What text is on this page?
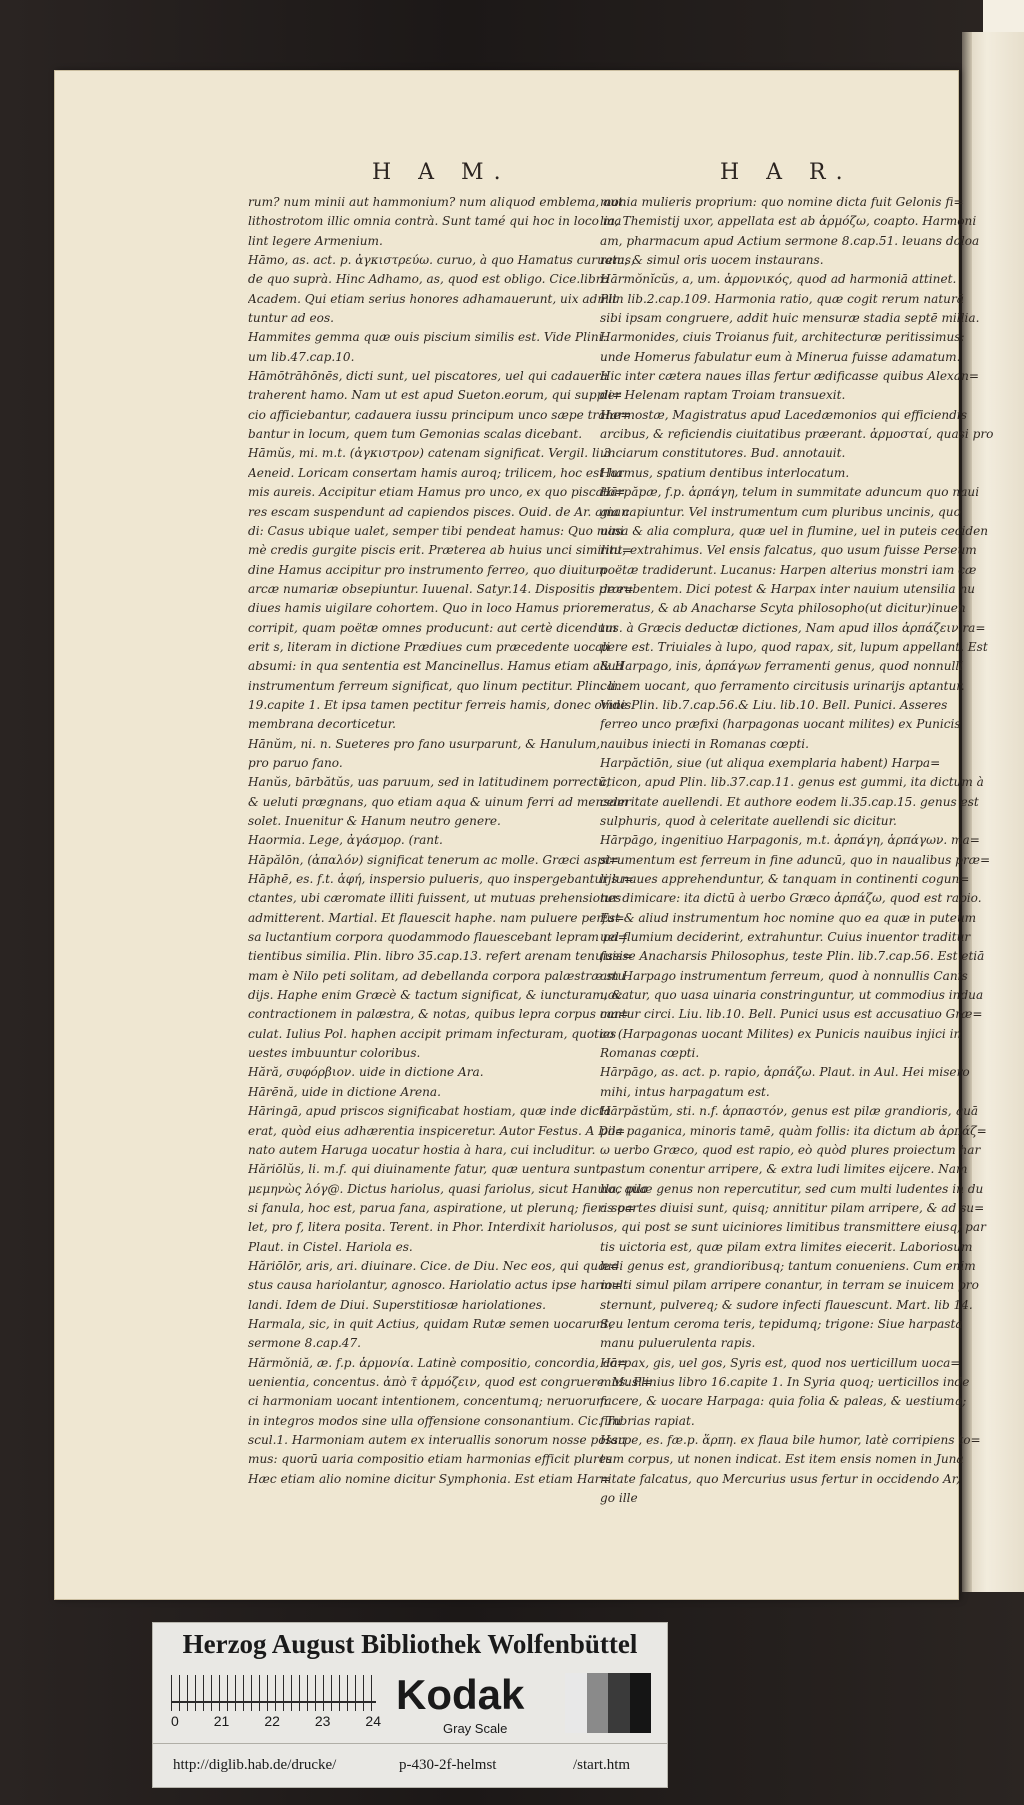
H A M.	H A R.
rum? num minii aut hammonium? num aliquod emblema, aut
lithostrotom illic omnia contrà. Sunt tamé qui hoc in loco ma
lint legere Armenium.
Hāmo, as. act. p. ἀγκιστρεύω. curuo, à quo Hamatus curuatus,
de quo suprà. Hinc Adhamo, as, quod est obligo. Cice.libro
Academ. Qui etiam serius honores adhamauerunt, uix admit
tuntur ad eos.
Hammites gemma quæ ouis piscium similis est. Vide Plini.
um lib.47.cap.10.
Hāmōtrāhōnēs, dicti sunt, uel piscatores, uel qui cadauera
traherent hamo. Nam ut est apud Sueton.eorum, qui suppli=
cio afficiebantur, cadauera iussu principum unco sæpe trahe=
bantur in locum, quem tum Gemonias scalas dicebant.
Hāmŭs, mi. m.t. (ἀγκιστρον) catenam significat. Vergil. li.3.
Aeneid. Loricam consertam hamis auroq; trilicem, hoc est ha
mis aureis. Accipitur etiam Hamus pro unco, ex quo piscato=
res escam suspendunt ad capiendos pisces. Ouid. de Ar. aman
di: Casus ubique ualet, semper tibi pendeat hamus: Quo mini
mè credis gurgite piscis erit. Præterea ab huius unci similitu=
dine Hamus accipitur pro instrumento ferreo, quo diuitum
arcæ numariæ obsepiuntur. Iuuenal. Satyr.14. Dispositis præ=
diues hamis uigilare cohortem. Quo in loco Hamus priorem
corripit, quam poëtæ omnes producunt: aut certè dicendum
erit s, literam in dictione Prædiues cum præcedente uocali
absumi: in qua sententia est Mancinellus. Hamus etiam aliud
instrumentum ferreum significat, quo linum pectitur. Plin. li.
19.capite 1. Et ipsa tamen pectitur ferreis hamis, donec omnis
membrana decorticetur.
Hānŭm, ni. n. Sueteres pro fano usurparunt, & Hanulum,
pro paruo fano.
Hanŭs, bārbătŭs, uas paruum, sed in latitudinem porrectū,
& ueluti prægnans, quo etiam aqua & uinum ferri ad mensam
solet. Inuenitur & Hanum neutro genere.
Haormia. Lege, ἀγάσμορ. (rant.
Hāpălōn, (ἁπαλόν) significat tenerum ac molle. Græci aspi=
Hāphē, es. f.t. ἁφή, inspersio pulueris, quo inspergebantur lu=
ctantes, ubi cæromate illiti fuissent, ut mutuas prehensiones
admitterent. Martial. Et flauescit haphe. nam puluere perfu=
sa luctantium corpora quodammodo flauescebant lepram pa=
tientibus similia. Plin. libro 35.cap.13. refert arenam tenuissi=
mam è Nilo peti solitam, ad debellanda corpora palæstræ stu
dijs. Haphe enim Græcè & tactum significat, & iuncturam, &
contractionem in palæstra, & notas, quibus lepra corpus ma=
culat. Iulius Pol. haphen accipit primam infecturam, quoties
uestes imbuuntur coloribus.
Hără, συφόρβιον. uide in dictione Ara.
Hārēnă, uide in dictione Arena.
Hāringā, apud priscos significabat hostiam, quæ inde dicta
erat, quòd eius adhærentia inspiceretur. Autor Festus. A Do=
nato autem Haruga uocatur hostia à hara, cui includitur.
Hăriōlŭs, li. m.f. qui diuinamente fatur, quæ uentura sunt,
μεμηνὼς λόγ@. Dictus hariolus, quasi fariolus, sicut Hanula, qua
si fanula, hoc est, parua fana, aspiratione, ut plerunq; fieri so=
let, pro f, litera posita. Terent. in Phor. Interdixit hariolus.
Plaut. in Cistel. Hariola es.
Hăriōlōr, aris, ari. diuinare. Cice. de Diu. Nec eos, qui quæ=
stus causa hariolantur, agnosco. Hariolatio actus ipse hario=
landi. Idem de Diui. Superstitiosæ hariolationes.
Harmala, sic, in quit Actius, quidam Rutæ semen uocarunt,
sermone 8.cap.47.
Hărmŏniă, æ. f.p. ἁρμονία. Latinè compositio, concordia, cō=
uenientia, concentus. ἀπὸ τ̄ ἁρμόζειν, quod est congruere. Musi=
ci harmoniam uocant intentionem, concentumq; neruorum
in integros modos sine ulla offensione consonantium. Cic. Tu
scul.1. Harmoniam autem ex interuallis sonorum nosse possu
mus: quorū uaria compositio etiam harmonias efficit plures.
Hæc etiam alio nomine dicitur Symphonia. Est etiam Har=
monia mulieris proprium: quo nomine dicta fuit Gelonis fi=
lia, Themistij uxor, appellata est ab ἁρμόζω, coapto. Harmoni
am, pharmacum apud Actium sermone 8.cap.51. leuans doloa
rem, & simul oris uocem instaurans.
Hārmŏnĭcŭs, a, um. ἁρμονικός, quod ad harmoniā attinet.
Plin lib.2.cap.109. Harmonia ratio, quæ cogit rerum naturā
sibi ipsam congruere, addit huic mensuræ stadia septē millia.
Harmonides, ciuis Troianus fuit, architecturæ peritissimus:
unde Homerus fabulatur eum à Minerua fuisse adamatum.
Hic inter cætera naues illas fertur ædificasse quibus Alexan=
der Helenam raptam Troiam transuexit.
Harmostæ, Magistratus apud Lacedæmonios qui efficiendis
arcibus, & reficiendis ciuitatibus præerant. ἁρμοσταί, quasi pro
unciarum constitutores. Bud. annotauit.
Harmus, spatium dentibus interlocatum.
Hārpăpæ, f.p. ἁρπάγη, telum in summitate aduncum quo naui
gia capiuntur. Vel instrumentum cum pluribus uncinis, quo
uasa & alia complura, quæ uel in flumine, uel in puteis ceciden
rint, extrahimus. Vel ensis falcatus, quo usum fuisse Perseum
poëtæ tradiderunt. Lucanus: Harpen alterius monstri iam cæ
de rubentem. Dici potest & Harpax inter nauium utensilia nu
meratus, & ab Anacharse Scyta philosopho(ut dicitur)inuen
tus. à Græcis deductæ dictiones, Nam apud illos ἁρπάζειν ra=
pere est. Triuiales à lupo, quod rapax, sit, lupum appellant. Est
& Harpago, inis, ἁρπάγων ferramenti genus, quod nonnulli
canem uocant, quo ferramento circitusis urinarijs aptantur.
Vide Plin. lib.7.cap.56.& Liu. lib.10. Bell. Punici. Asseres
ferreo unco præfixi (harpagonas uocant milites) ex Punicis
nauibus iniecti in Romanas cœpti.
Harpăctiōn, siue (ut aliqua exemplaria habent) Harpa=
cticon, apud Plin. lib.37.cap.11. genus est gummi, ita dictum à
celeritate auellendi. Et authore eodem li.35.cap.15. genus est
sulphuris, quod à celeritate auellendi sic dicitur.
Hārpāgo, ingenitiuo Harpagonis, m.t. ἁρπάγη, ἁρπάγων. ma=
strumentum est ferreum in fine aduncū, quo in naualibus præ=
lijs naues apprehenduntur, & tanquam in continenti cogun=
tur dimicare: ita dictū à uerbo Græco ἁρπάζω, quod est rapio.
Est & aliud instrumentum hoc nomine quo ea quæ in puteum
uel flumium deciderint, extrahuntur. Cuius inuentor traditur
fuisse Anacharsis Philosophus, teste Plin. lib.7.cap.56. Est etiā
am Harpago instrumentum ferreum, quod à nonnullis Canis
uocatur, quo uasa uinaria constringuntur, ut commodius indua
cantur circi. Liu. lib.10. Bell. Punici usus est accusatiuo Græ=
co (Harpagonas uocant Milites) ex Punicis nauibus injici in
Romanas cœpti.
Hārpāgo, as. act. p. rapio, ἁρπάζω. Plaut. in Aul. Hei misero
mihi, intus harpagatum est.
Hārpăstŭm, sti. n.f. ἁρπαστόν, genus est pilæ grandioris, quā
pila paganica, minoris tamē, quàm follis: ita dictum ab ἁρπάζ=
ω uerbo Græco, quod est rapio, eò quòd plures proiectum har
pastum conentur arripere, & extra ludi limites eijcere. Nam
hoc pilæ genus non repercutitur, sed cum multi ludentes in du
as partes diuisi sunt, quisq; annititur pilam arripere, & ad su=
os, qui post se sunt uiciniores limitibus transmittere eiusq; par
tis uictoria est, quæ pilam extra limites eiecerit. Laboriosum
ludi genus est, grandioribusq; tantum conueniens. Cum enim
multi simul pilam arripere conantur, in terram se inuicem pro
sternunt, pulvereq; & sudore infecti flauescunt. Mart. lib 14.
Seu lentum ceroma teris, tepidumq; trigone: Siue harpasta
manu puluerulenta rapis.
Harpax, gis, uel gos, Syris est, quod nos uerticillum uoca=
mus. Plinius libro 16.capite 1. In Syria quoq; uerticillos inde
facere, & uocare Harpaga: quia folia & paleas, & uestiumq;
fimbrias rapiat.
Harpe, es. fæ.p. ἅρπη. ex flaua bile humor, latè corripiens to=
tum corpus, ut nonen indicat. Est item ensis nomen in Juna
nitate falcatus, quo Mercurius usus fertur in occidendo Ar,
go ille
Herzog August Bibliothek Wolfenbüttel
0 21 22 23 24
Kodak
Gray Scale
http://diglib.hab.de/drucke/	p-430-2f-helmst	/start.htm
